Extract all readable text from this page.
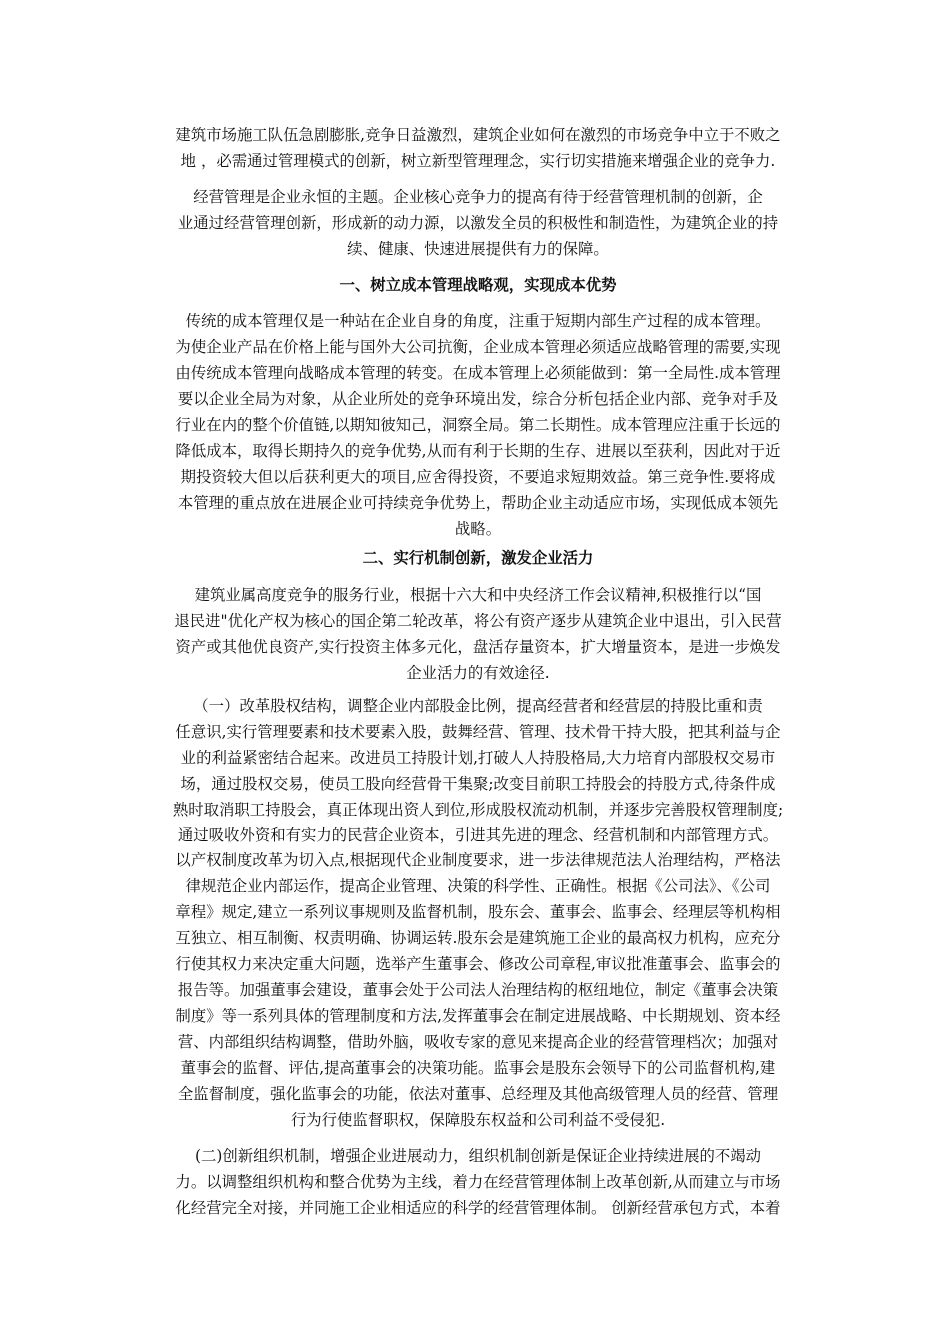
建筑市场施工队伍急剧膨胀,竞争日益激烈，建筑企业如何在激烈的市场竞争中立于不败之
地 ，必需通过管理模式的创新，树立新型管理理念，实行切实措施来增强企业的竞争力.
经营管理是企业永恒的主题。企业核心竞争力的提高有待于经营管理机制的创新，企
业通过经营管理创新，形成新的动力源，以激发全员的积极性和制造性，为建筑企业的持
续、健康、快速进展提供有力的保障。
一、树立成本管理战略观，实现成本优势
传统的成本管理仅是一种站在企业自身的角度，注重于短期内部生产过程的成本管理。
为使企业产品在价格上能与国外大公司抗衡，企业成本管理必须适应战略管理的需要,实现
由传统成本管理向战略成本管理的转变。在成本管理上必须能做到：第一全局性.成本管理
要以企业全局为对象，从企业所处的竞争环境出发，综合分析包括企业内部、竞争对手及
行业在内的整个价值链,以期知彼知己，洞察全局。第二长期性。成本管理应注重于长远的
降低成本，取得长期持久的竞争优势,从而有利于长期的生存、进展以至获利，因此对于近
期投资较大但以后获利更大的项目,应舍得投资，不要追求短期效益。第三竞争性.要将成
本管理的重点放在进展企业可持续竞争优势上，帮助企业主动适应市场，实现低成本领先
战略。
二、实行机制创新，激发企业活力
建筑业属高度竞争的服务行业，根据十六大和中央经济工作会议精神,积极推行以“国
退民进"优化产权为核心的国企第二轮改革，将公有资产逐步从建筑企业中退出，引入民营
资产或其他优良资产,实行投资主体多元化，盘活存量资本，扩大增量资本，是进一步焕发
企业活力的有效途径.
（一）改革股权结构，调整企业内部股金比例，提高经营者和经营层的持股比重和责
任意识,实行管理要素和技术要素入股，鼓舞经营、管理、技术骨干持大股，把其利益与企
业的利益紧密结合起来。改进员工持股计划,打破人人持股格局,大力培育内部股权交易市
场，通过股权交易，使员工股向经营骨干集聚;改变目前职工持股会的持股方式,待条件成
熟时取消职工持股会，真正体现出资人到位,形成股权流动机制，并逐步完善股权管理制度;
通过吸收外资和有实力的民营企业资本，引进其先进的理念、经营机制和内部管理方式。
以产权制度改革为切入点,根据现代企业制度要求，进一步法律规范法人治理结构，严格法
律规范企业内部运作，提高企业管理、决策的科学性、正确性。根据《公司法》、《公司
章程》规定,建立一系列议事规则及监督机制，股东会、董事会、监事会、经理层等机构相
互独立、相互制衡、权责明确、协调运转.股东会是建筑施工企业的最高权力机构，应充分
行使其权力来决定重大问题，选举产生董事会、修改公司章程,审议批准董事会、监事会的
报告等。加强董事会建设，董事会处于公司法人治理结构的枢纽地位，制定《董事会决策
制度》等一系列具体的管理制度和方法,发挥董事会在制定进展战略、中长期规划、资本经
营、内部组织结构调整，借助外脑，吸收专家的意见来提高企业的经营管理档次；加强对
董事会的监督、评估,提高董事会的决策功能。监事会是股东会领导下的公司监督机构,建
全监督制度，强化监事会的功能，依法对董事、总经理及其他高级管理人员的经营、管理
行为行使监督职权，保障股东权益和公司利益不受侵犯.
(二)创新组织机制，增强企业进展动力，组织机制创新是保证企业持续进展的不竭动
力。以调整组织机构和整合优势为主线，着力在经营管理体制上改革创新,从而建立与市场
化经营完全对接，并同施工企业相适应的科学的经营管理体制。 创新经营承包方式，本着
